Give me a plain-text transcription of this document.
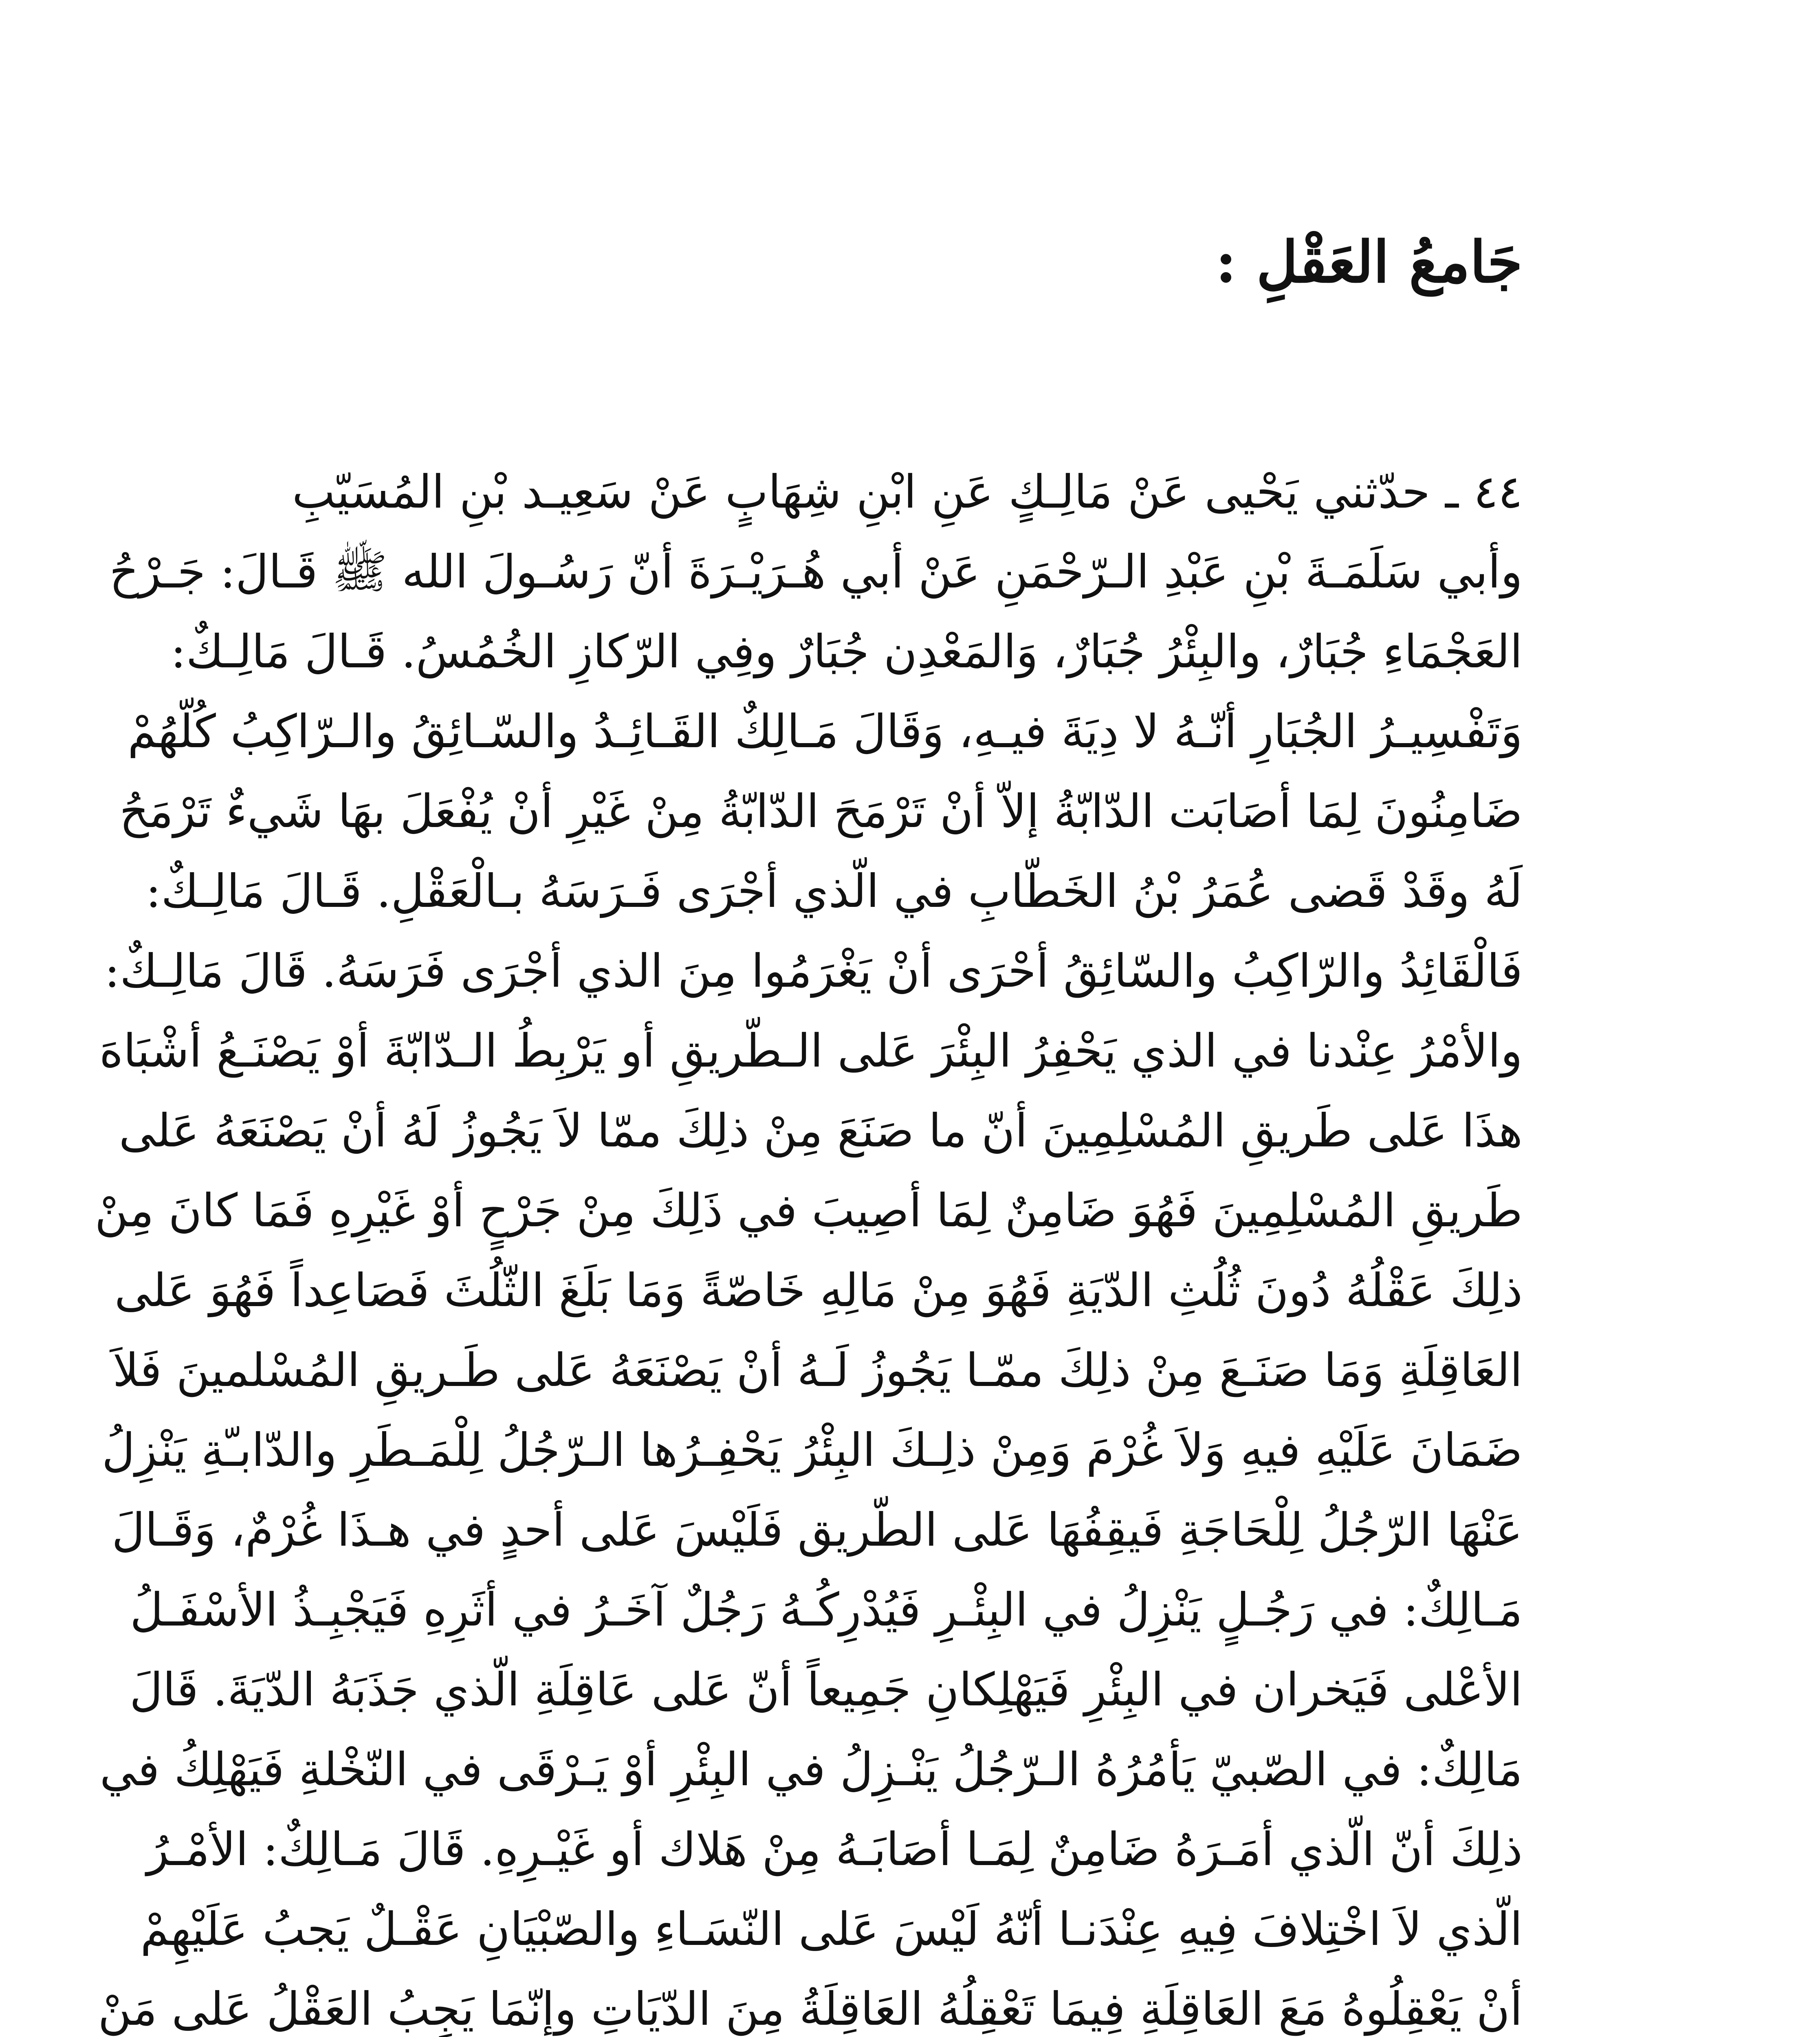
جَامعُ العَقْلِ :
٤٤ ـ حدّثني يَحْيى عَنْ مَالِـكٍ عَنِ ابْنِ شِهَابٍ عَنْ سَعِيـد بْنِ المُسَيّبِ
وأبي سَلَمَـةَ بْنِ عَبْدِ الـرّحْمَنِ عَنْ أبي هُـرَيْـرَةَ أنّ رَسُـولَ الله ﷺ قَـالَ: جَـرْحُ
العَجْمَاءِ جُبَارٌ، والبِئْرُ جُبَارٌ، وَالمَعْدِن جُبَارٌ وفِي الرّكازِ الخُمُسُ. قَـالَ مَالِـكٌ:
وَتَفْسِيـرُ الجُبَارِ أنّـهُ لا دِيَةَ فيـهِ، وَقَالَ مَـالِكٌ القَـائِـدُ والسّـائِقُ والـرّاكِبُ كُلّهُمْ
ضَامِنُونَ لِمَا أصَابَت الدّابّةُ إلاّ أنْ تَرْمَحَ الدّابّةُ مِنْ غَيْرِ أنْ يُفْعَلَ بهَا شَيءٌ تَرْمَحُ
لَهُ وقَدْ قَضى عُمَرُ بْنُ الخَطّابِ في الّذي أجْرَى فَـرَسَهُ بـالْعَقْلِ. قَـالَ مَالِـكٌ:
فَالْقَائِدُ والرّاكِبُ والسّائِقُ أحْرَى أنْ يَغْرَمُوا مِنَ الذي أجْرَى فَرَسَهُ. قَالَ مَالِـكٌ:
والأمْرُ عِنْدنا في الذي يَحْفِرُ البِئْرَ عَلى الـطّريقِ أو يَرْبِطُ الـدّابّةَ أوْ يَصْنَـعُ أشْبَاهَ
هذَا عَلى طَريقِ المُسْلِمِينَ أنّ ما صَنَعَ مِنْ ذلِكَ ممّا لاَ يَجُوزُ لَهُ أنْ يَصْنَعَهُ عَلى
طَريقِ المُسْلِمِينَ فَهُوَ ضَامِنٌ لِمَا أصِيبَ في ذَلِكَ مِنْ جَرْحٍ أوْ غَيْرِهِ فَمَا كانَ مِنْ
ذلِكَ عَقْلُهُ دُونَ ثُلُثِ الدّيَةِ فَهُوَ مِنْ مَالِهِ خَاصّةً وَمَا بَلَغَ الثّلُثَ فَصَاعِداً فَهُوَ عَلى
العَاقِلَةِ وَمَا صَنَـعَ مِنْ ذلِكَ ممّـا يَجُوزُ لَـهُ أنْ يَصْنَعَهُ عَلى طَـريقِ المُسْلمينَ فَلاَ
ضَمَانَ عَلَيْهِ فيهِ وَلاَ غُرْمَ وَمِنْ ذلِـكَ البِئْرُ يَحْفِـرُها الـرّجُلُ لِلْمَـطَرِ والدّابـّةِ يَنْزِلُ
عَنْهَا الرّجُلُ لِلْحَاجَةِ فَيقِفُهَا عَلى الطّريق فَلَيْسَ عَلى أحدٍ في هـذَا غُرْمٌ، وَقَـالَ
مَـالِكٌ: في رَجُـلٍ يَنْزِلُ في البِئْـرِ فَيُدْرِكُـهُ رَجُلٌ آخَـرُ في أثَرِهِ فَيَجْبِـذُ الأسْفَـلُ
الأعْلى فَيَخران في البِئْرِ فَيَهْلِكانِ جَمِيعاً أنّ عَلى عَاقِلَةِ الّذي جَذَبَهُ الدّيَةَ. قَالَ
مَالِكٌ: في الصّبيّ يَأمُرُهُ الـرّجُلُ يَنْـزِلُ في البِئْرِ أوْ يَـرْقَى في النّخْلةِ فَيَهْلِكُ في
ذلِكَ أنّ الّذي أمَـرَهُ ضَامِنٌ لِمَـا أصَابَـهُ مِنْ هَلاك أو غَيْـرِهِ. قَالَ مَـالِكٌ: الأمْـرُ
الّذي لاَ اخْتِلافَ فِيهِ عِنْدَنـا أنّهُ لَيْسَ عَلى النّسَـاءِ والصّبْيَانِ عَقْـلٌ يَجبُ عَلَيْهِمْ
أنْ يَعْقِلُوهُ مَعَ العَاقِلَةِ فِيمَا تَعْقِلُهُ العَاقِلَةُ مِنَ الدّيَاتِ وإنّمَا يَجِبُ العَقْلُ عَلى مَنْ
